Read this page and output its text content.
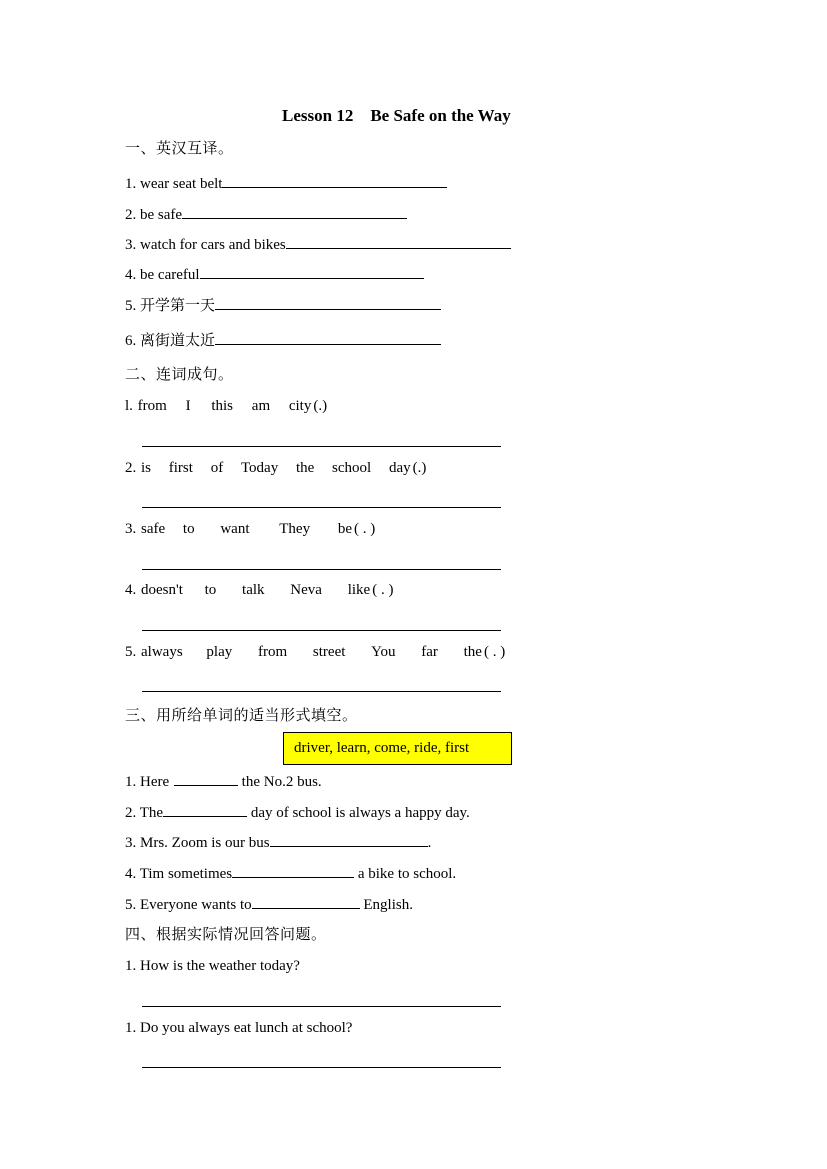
Lesson 12　Be Safe on the Way
一、英汉互译。
1. wear seat belt
2. be safe
3. watch for cars and bikes
4. be careful
5. 开学第一天
6. 离街道太近
二、连词成句。
l. from I this am city (.)
2. is first of Today the school day (.)
3. safe to want They be ( . )
4. doesn't to talk Neva like ( . )
5. always play from street You far the ( . )
三、用所给单词的适当形式填空。
driver, learn, come, ride, first
1. Here	the No.2 bus.
2. The	day of school is always a happy day.
3. Mrs. Zoom is our bus	.
4. Tim sometimes	a bike to school.
5. Everyone wants to	English.
四、根据实际情况回答问题。
1. How is the weather today?
1. Do you always eat lunch at school?
